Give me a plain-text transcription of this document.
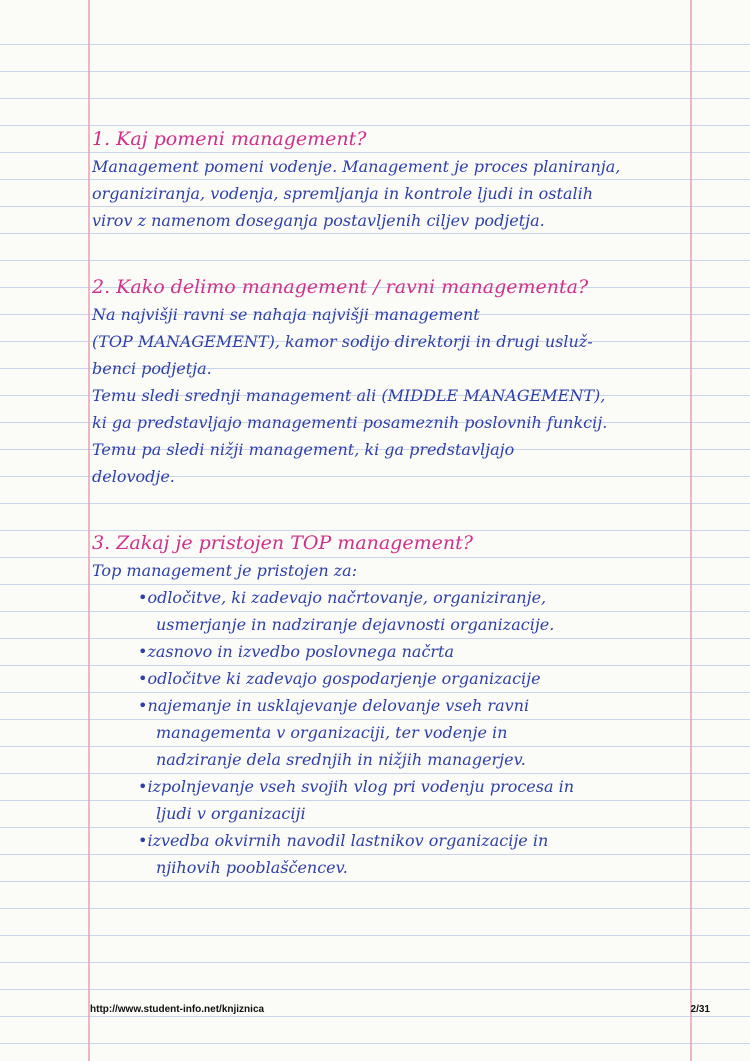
1. Kaj pomeni management?

Management pomeni vodenje. Management je proces planiranja,

organiziranja, vodenja, spremljanja in kontrole ljudi in ostalih

virov z namenom doseganja postavljenih ciljev podjetja.

2. Kako delimo management / ravni managementa?

Na najvišji ravni se nahaja najvišji management

(TOP MANAGEMENT), kamor sodijo direktorji in drugi usluž-

benci podjetja.

Temu sledi srednji management ali (MIDDLE MANAGEMENT),

ki ga predstavljajo managementi posameznih poslovnih funkcij.

Temu pa sledi nižji management, ki ga predstavljajo

delovodje.

3. Zakaj je pristojen TOP management?

Top management je pristojen za:

•odločitve, ki zadevajo načrtovanje, organiziranje,
usmerjanje in nadziranje dejavnosti organizacije.
•zasnovo in izvedbo poslovnega načrta
•odločitve ki zadevajo gospodarjenje organizacije
•najemanje in usklajevanje delovanje vseh ravni
managementa v organizaciji, ter vodenje in
nadziranje dela srednjih in nižjih managerjev.
•izpolnjevanje vseh svojih vlog pri vodenju procesa in
ljudi v organizaciji
•izvedba okvirnih navodil lastnikov organizacije in
njihovih pooblaščencev.
http://www.student-info.net/knjiznica	2/31
